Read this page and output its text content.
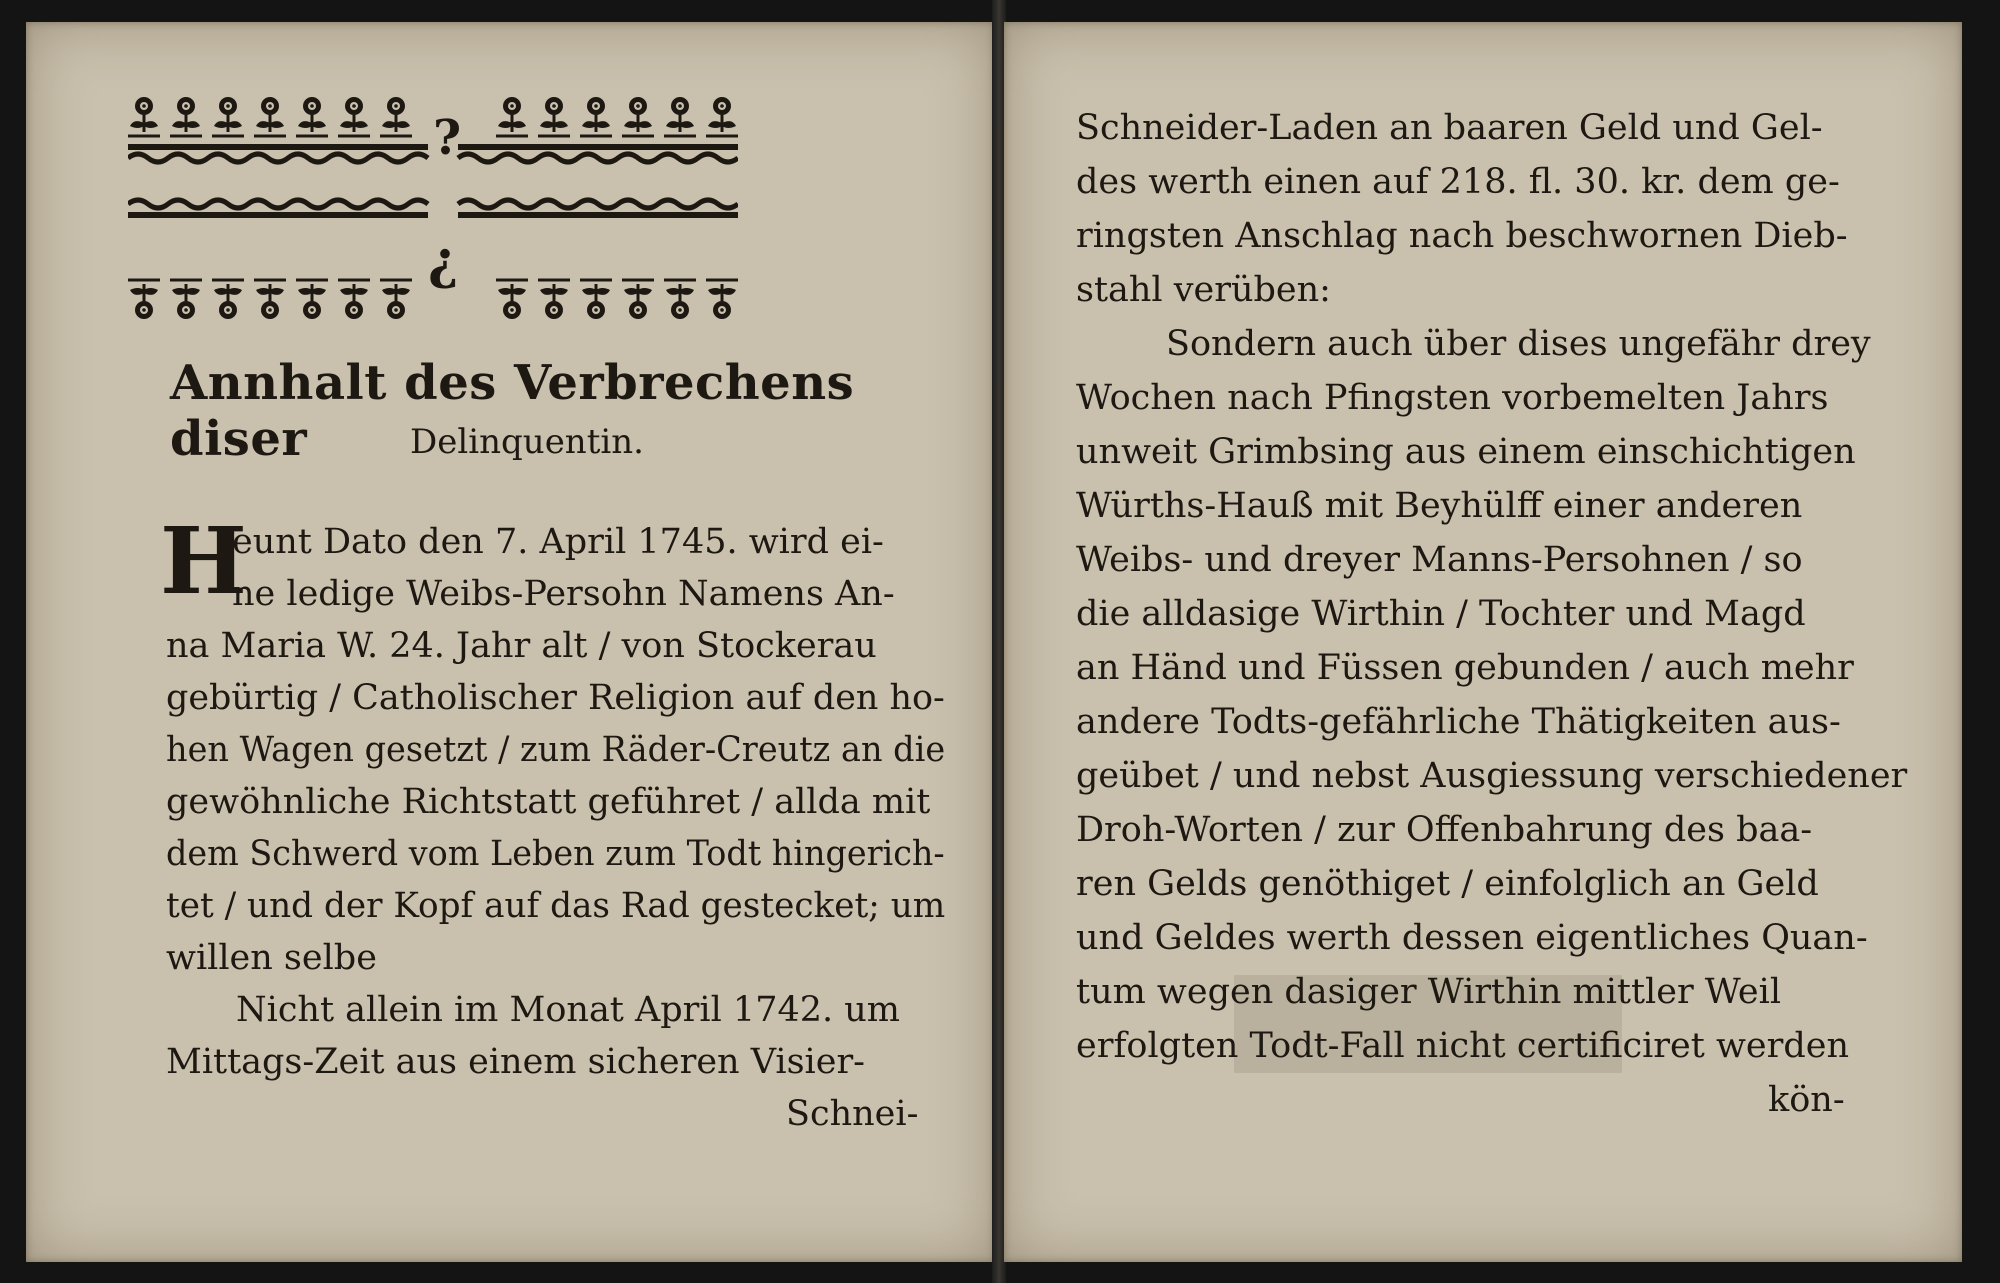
?
¿
Annhalt des Verbrechens diser	Delinquentin.
H
eunt Dato den 7. April 1745. wird ei-
ne ledige Weibs-Persohn Namens An-
na Maria W. 24. Jahr alt / von Stockerau
gebürtig / Catholischer Religion auf den ho-
hen Wagen gesetzt / zum Räder-Creutz an die
gewöhnliche Richtstatt geführet / allda mit
dem Schwerd vom Leben zum Todt hingerich-
tet / und der Kopf auf das Rad gestecket; um
willen selbe
Nicht allein im Monat April 1742. um
Mittags-Zeit aus einem sicheren Visier-
Schnei-
Schneider-Laden an baaren Geld und Gel-
des werth einen auf 218. fl. 30. kr. dem ge-
ringsten Anschlag nach beschwornen Dieb-
stahl verüben:
Sondern auch über dises ungefähr drey
Wochen nach Pfingsten vorbemelten Jahrs
unweit Grimbsing aus einem einschichtigen
Würths-Hauß mit Beyhülff einer anderen
Weibs- und dreyer Manns-Persohnen / so
die alldasige Wirthin / Tochter und Magd
an Händ und Füssen gebunden / auch mehr
andere Todts-gefährliche Thätigkeiten aus-
geübet / und nebst Ausgiessung verschiedener
Droh-Worten / zur Offenbahrung des baa-
ren Gelds genöthiget / einfolglich an Geld
und Geldes werth dessen eigentliches Quan-
tum wegen dasiger Wirthin mittler Weil
erfolgten Todt-Fall nicht certificiret werden
kön-
